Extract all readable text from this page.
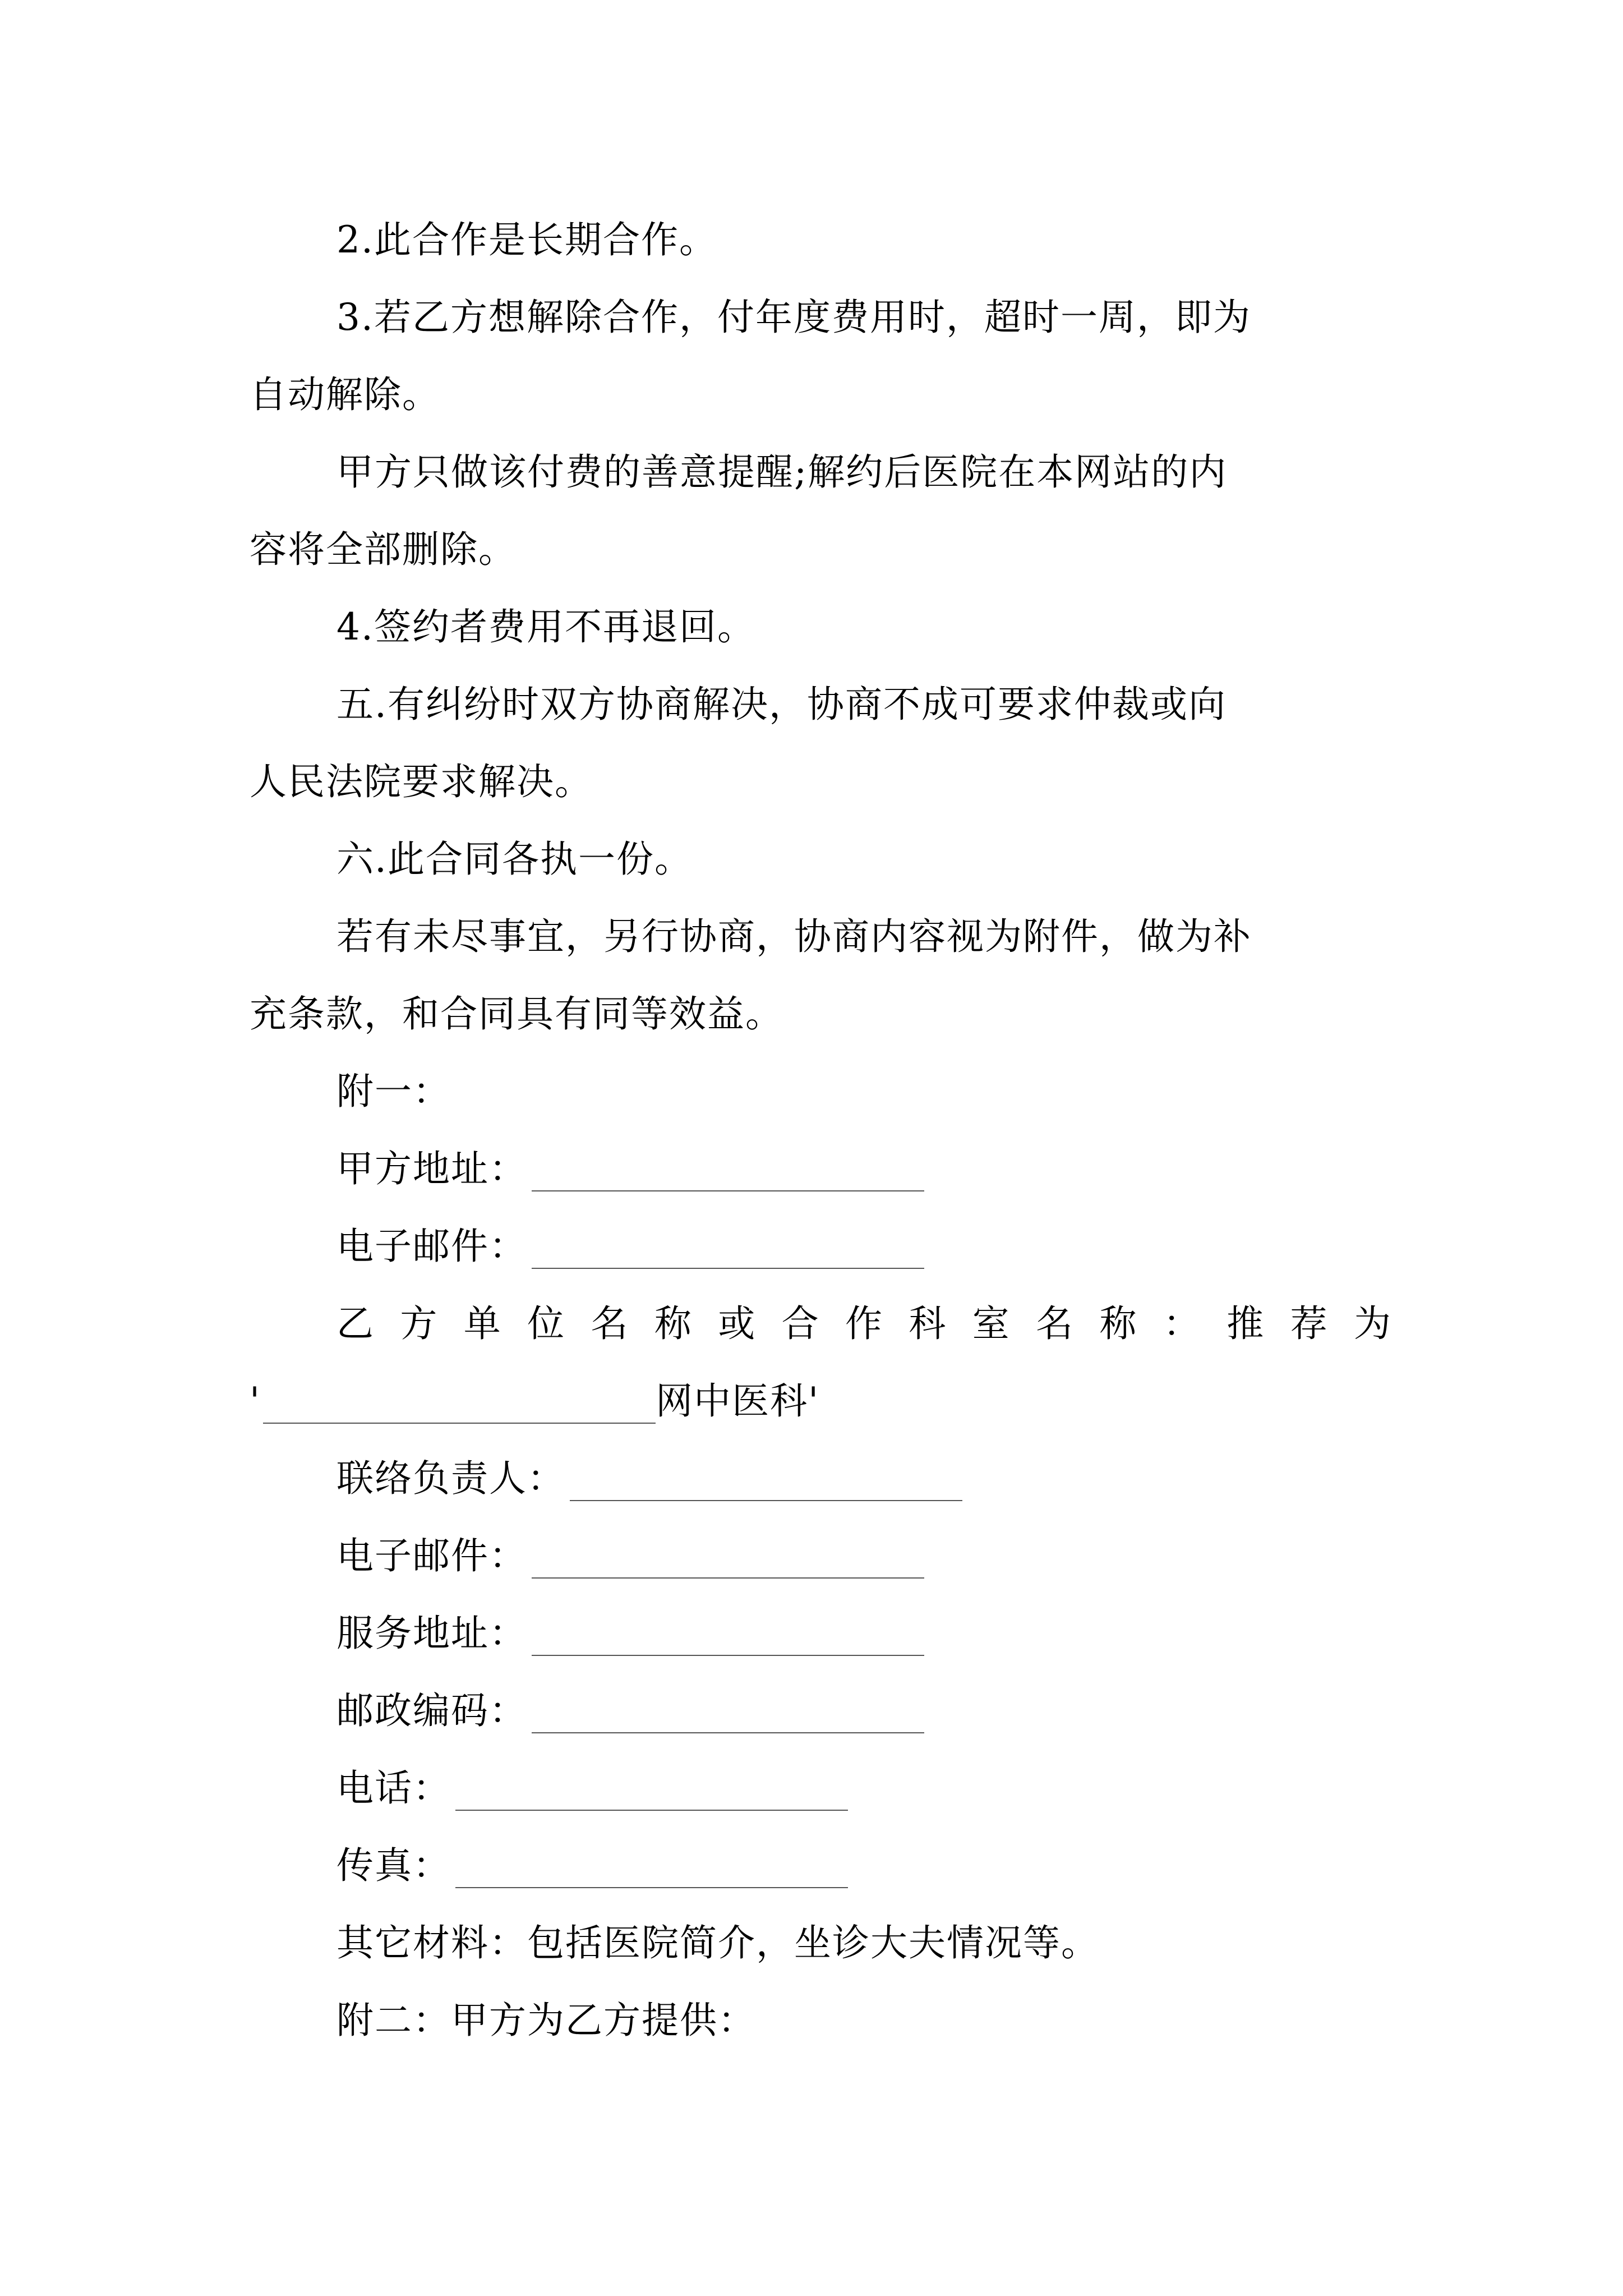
2.此合作是长期合作。
3.若乙方想解除合作，付年度费用时，超时一周，即为
自动解除。
甲方只做该付费的善意提醒;解约后医院在本网站的内
容将全部删除。
4.签约者费用不再退回。
五.有纠纷时双方协商解决，协商不成可要求仲裁或向
人民法院要求解决。
六.此合同各执一份。
若有未尽事宜，另行协商，协商内容视为附件，做为补
充条款，和合同具有同等效益。
附一：
甲方地址：
电子邮件：
乙 方 单 位 名 称 或 合 作 科 室 名 称 ： 推 荐 为
'	网中医科'
联络负责人：
电子邮件：
服务地址：
邮政编码：
电话：
传真：
其它材料：包括医院简介，坐诊大夫情况等。
附二：甲方为乙方提供：
